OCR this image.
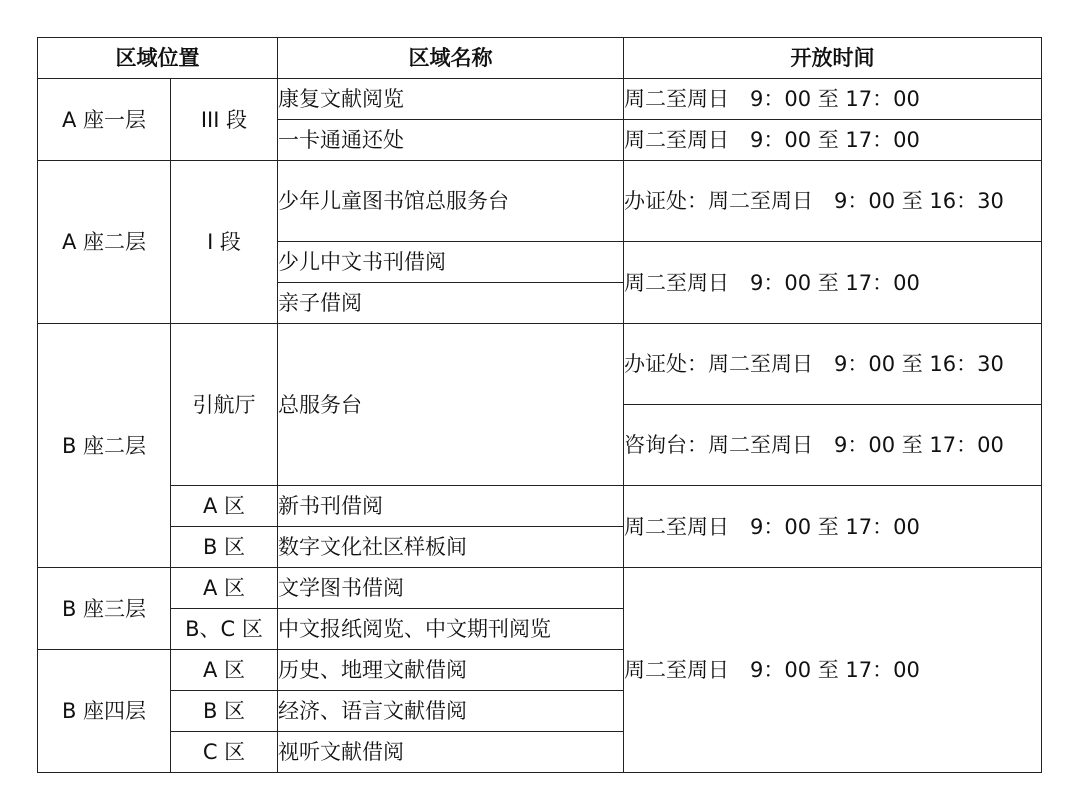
区域位置		区域名称	开放时间
A 座一层	III 段	康复文献阅览	周二至周日　9：00 至 17：00
		一卡通通还处	周二至周日　9：00 至 17：00
A 座二层	I 段	少年儿童图书馆总服务台	办证处：周二至周日　9：00 至 16：30
		少儿中文书刊借阅	周二至周日　9：00 至 17：00
		亲子借阅	
B 座二层	引航厅	总服务台	办证处：周二至周日　9：00 至 16：30
			咨询台：周二至周日　9：00 至 17：00
	A 区	新书刊借阅	周二至周日　9：00 至 17：00
	B 区	数字文化社区样板间	
B 座三层	A 区	文学图书借阅	周二至周日　9：00 至 17：00
	B、C 区	中文报纸阅览、中文期刊阅览	
B 座四层	A 区	历史、地理文献借阅	
	B 区	经济、语言文献借阅	
	C 区	视听文献借阅	
